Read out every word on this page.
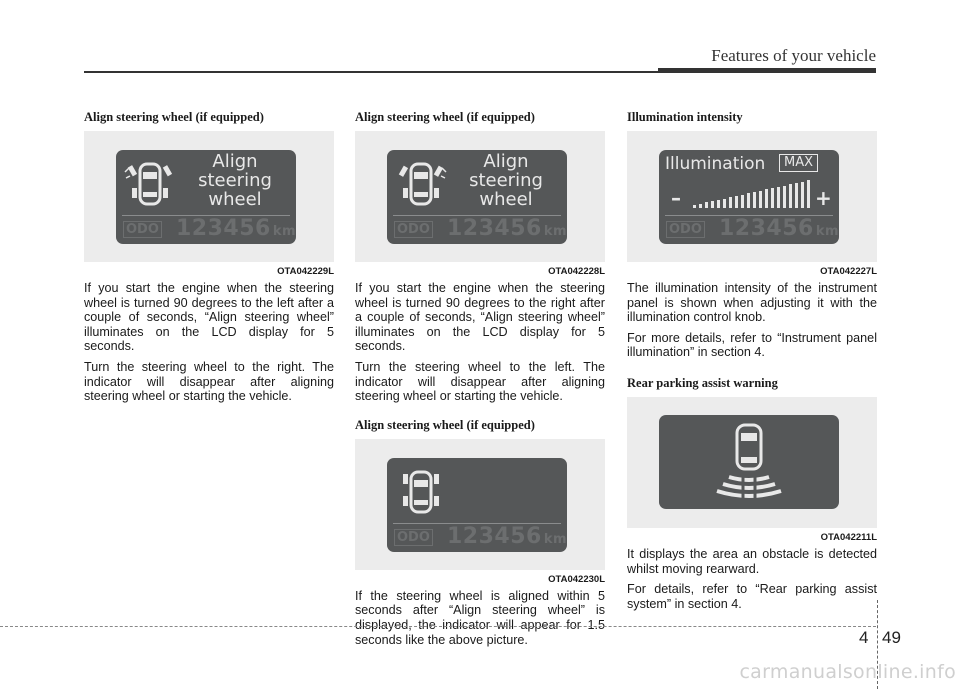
Features of your vehicle
Align steering wheel (if equipped)
Align
steering
wheel
ODO 123456 km
OTA042229L

If you start the engine when the steering wheel is turned 90 degrees to the left after a couple of seconds, “Align steering wheel” illuminates on the LCD display for 5 seconds.

Turn the steering wheel to the right. The indicator will disappear after aligning steering wheel or starting the vehicle.

Align steering wheel (if equipped)
Align
steering
wheel
ODO 123456 km
OTA042228L

If you start the engine when the steering wheel is turned 90 degrees to the right after a couple of seconds, “Align steering wheel” illuminates on the LCD display for 5 seconds.

Turn the steering wheel to the left. The indicator will disappear after aligning steering wheel or starting the vehicle.

Align steering wheel (if equipped)
ODO 123456 km
OTA042230L

If the steering wheel is aligned within 5 seconds after “Align steering wheel” is displayed, the indicator will appear for 1.5 seconds like the above picture.

Illumination intensity
Illumination	MAX
–	+
ODO 123456 km
OTA042227L

The illumination intensity of the instrument panel is shown when adjusting it with the illumination control knob.

For more details, refer to “Instrument panel illumination” in section 4.

Rear parking assist warning
OTA042211L

It displays the area an obstacle is detected whilst moving rearward.

For details, refer to “Rear parking assist system” in section 4.

4 49
carmanualsonline.info
